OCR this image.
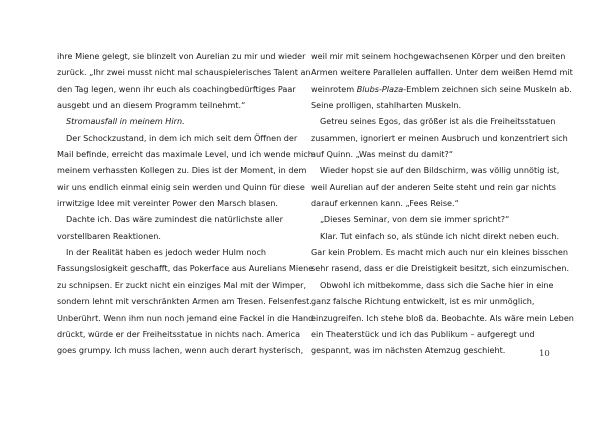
ihre Miene gelegt, sie blinzelt von Aurelian zu mir und wieder

zurück. „Ihr zwei musst nicht mal schauspielerisches Talent an

den Tag legen, wenn ihr euch als coachingbedürftiges Paar

ausgebt und an diesem Programm teilnehmt.“

Stromausfall in meinem Hirn.

Der Schockzustand, in dem ich mich seit dem Öffnen der

Mail befinde, erreicht das maximale Level, und ich wende mich

meinem verhassten Kollegen zu. Dies ist der Moment, in dem

wir uns endlich einmal einig sein werden und Quinn für diese

irrwitzige Idee mit vereinter Power den Marsch blasen.

Dachte ich. Das wäre zumindest die natürlichste aller

vorstellbaren Reaktionen.

In der Realität haben es jedoch weder Hulm noch

Fassungslosigkeit geschafft, das Pokerface aus Aurelians Miene

zu schnipsen. Er zuckt nicht ein einziges Mal mit der Wimper,

sondern lehnt mit verschränkten Armen am Tresen. Felsenfest.

Unberührt. Wenn ihm nun noch jemand eine Fackel in die Hand

drückt, würde er der Freiheitsstatue in nichts nach. America

goes grumpy. Ich muss lachen, wenn auch derart hysterisch,

weil mir mit seinem hochgewachsenen Körper und den breiten

Armen weitere Parallelen auffallen. Unter dem weißen Hemd mit

weinrotem Blubs-Plaza-Emblem zeichnen sich seine Muskeln ab.

Seine prolligen, stahlharten Muskeln.

Getreu seines Egos, das größer ist als die Freiheitsstatuen

zusammen, ignoriert er meinen Ausbruch und konzentriert sich

auf Quinn. „Was meinst du damit?“

Wieder hopst sie auf den Bildschirm, was völlig unnötig ist,

weil Aurelian auf der anderen Seite steht und rein gar nichts

darauf erkennen kann. „Fees Reise.“

„Dieses Seminar, von dem sie immer spricht?“

Klar. Tut einfach so, als stünde ich nicht direkt neben euch.

Gar kein Problem. Es macht mich auch nur ein kleines bisschen

sehr rasend, dass er die Dreistigkeit besitzt, sich einzumischen.

Obwohl ich mitbekomme, dass sich die Sache hier in eine

ganz falsche Richtung entwickelt, ist es mir unmöglich,

einzugreifen. Ich stehe bloß da. Beobachte. Als wäre mein Leben

ein Theaterstück und ich das Publikum – aufgeregt und

gespannt, was im nächsten Atemzug geschieht.	10
